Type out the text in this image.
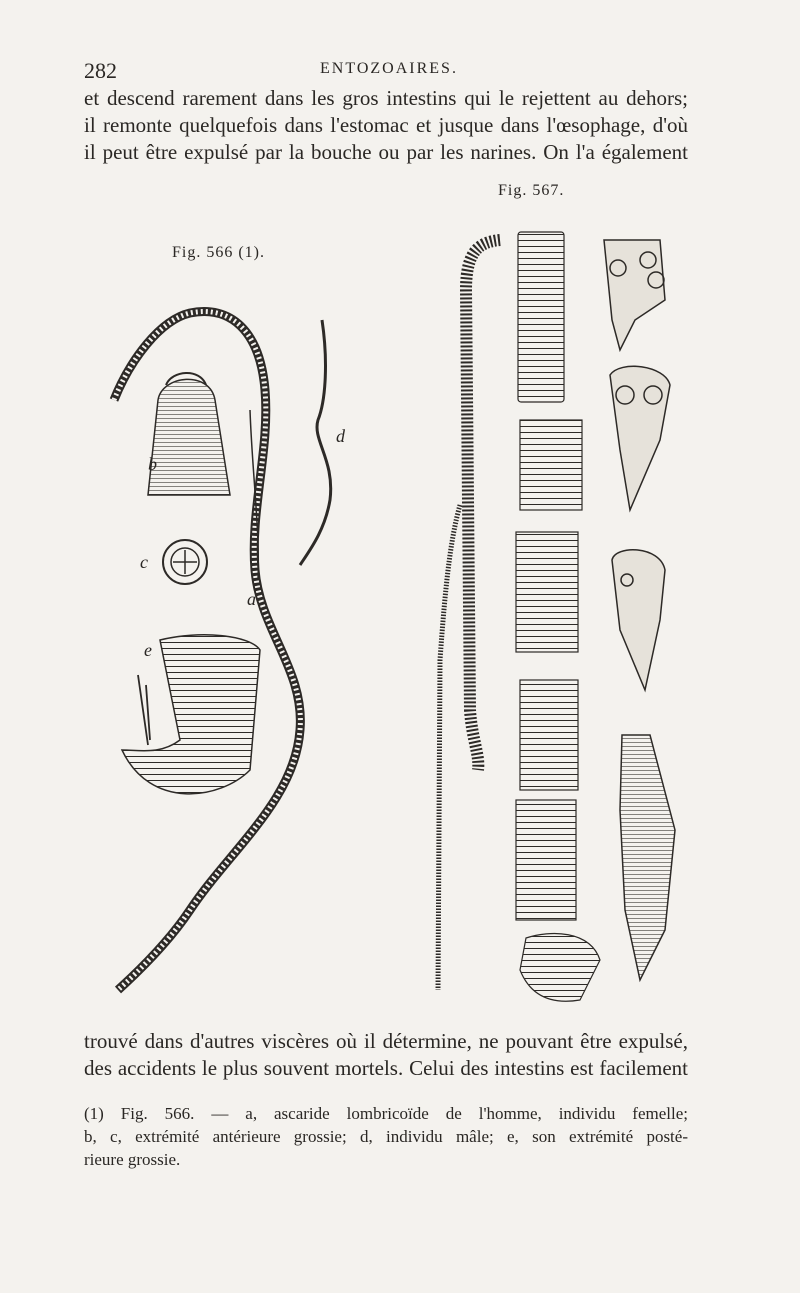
282	ENTOZOAIRES.
et descend rarement dans les gros intestins qui le rejettent au dehors;
il remonte quelquefois dans l'estomac et jusque dans l'œsophage, d'où
il peut être expulsé par la bouche ou par les narines. On l'a également
Fig. 567.
Fig. 566 (1).
b
c
a
d
e
trouvé dans d'autres viscères où il détermine, ne pouvant être expulsé,
des accidents le plus souvent mortels. Celui des intestins est facilement
(1) Fig. 566. — a, ascaride lombricoïde de l'homme, individu femelle;
b, c, extrémité antérieure grossie; d, individu mâle; e, son extrémité posté-
rieure grossie.
